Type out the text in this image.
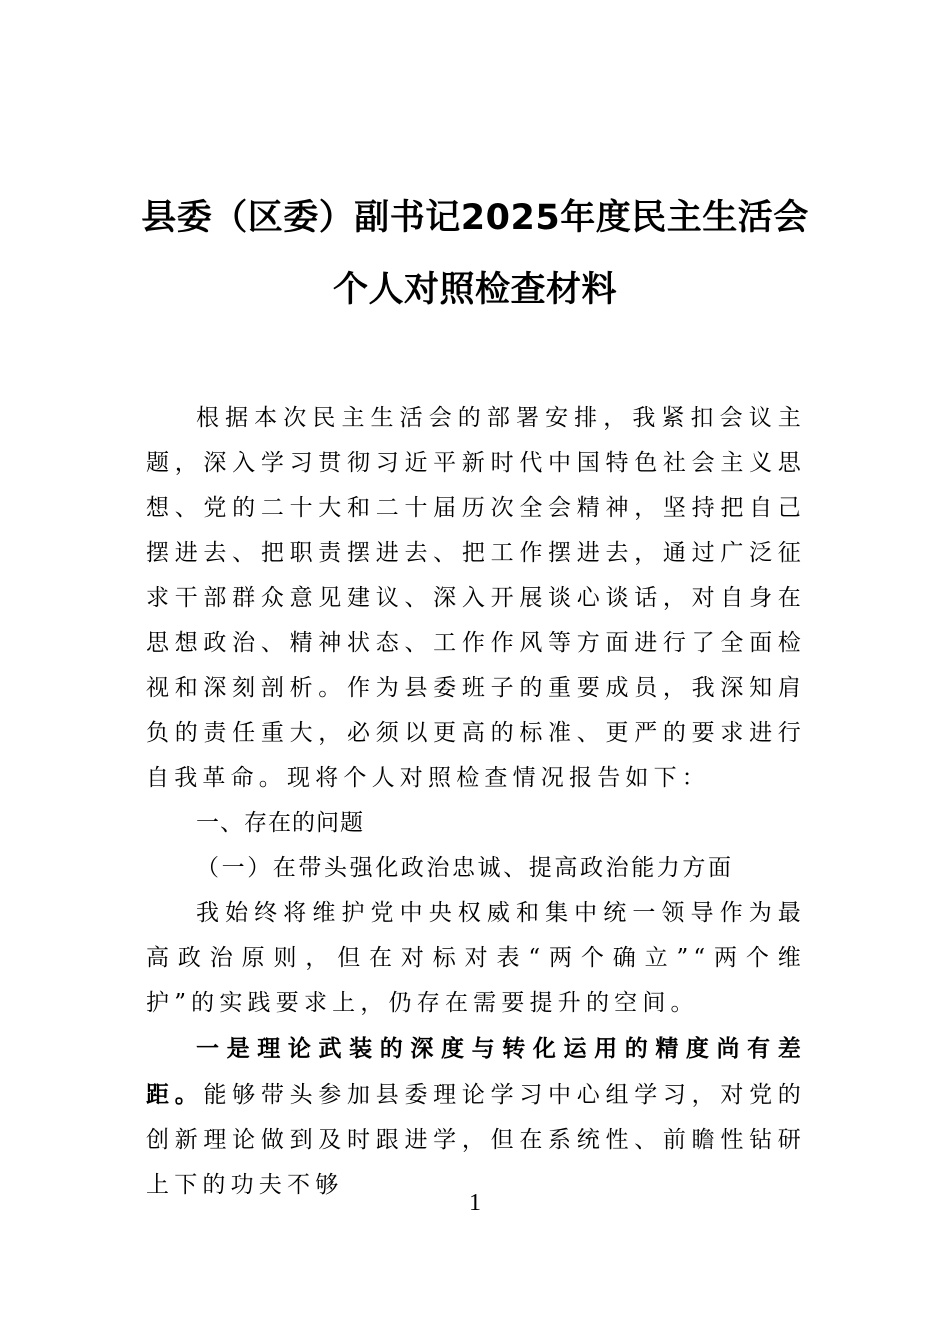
县委（区委）副书记2025年度民主生活会
个人对照检查材料

根据本次民主生活会的部署安排，我紧扣会议主题，深入学习贯彻习近平新时代中国特色社会主义思想、党的二十大和二十届历次全会精神，坚持把自己摆进去、把职责摆进去、把工作摆进去，通过广泛征求干部群众意见建议、深入开展谈心谈话，对自身在思想政治、精神状态、工作作风等方面进行了全面检视和深刻剖析。作为县委班子的重要成员，我深知肩负的责任重大，必须以更高的标准、更严的要求进行自我革命。现将个人对照检查情况报告如下：

一、存在的问题

（一）在带头强化政治忠诚、提高政治能力方面

我始终将维护党中央权威和集中统一领导作为最高政治原则，但在对标对表“两个确立”“两个维护”的实践要求上，仍存在需要提升的空间。

一是理论武装的深度与转化运用的精度尚有差距。能够带头参加县委理论学习中心组学习，对党的创新理论做到及时跟进学，但在系统性、前瞻性钻研上下的功夫不够

1
